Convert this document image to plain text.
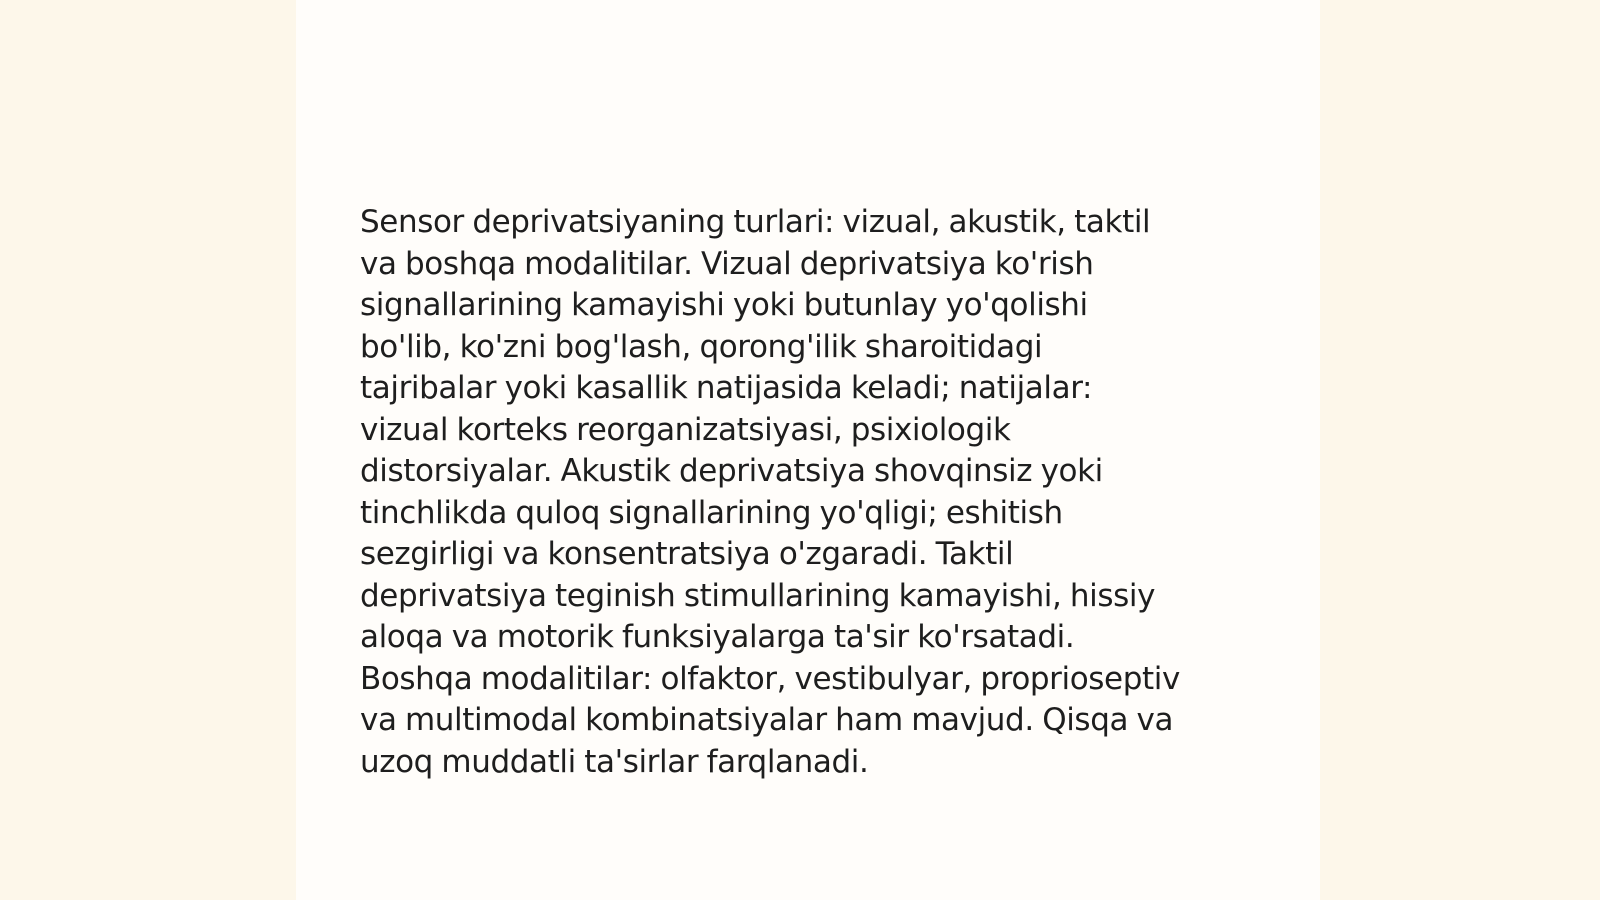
Sensor deprivatsiyaning turlari: vizual, akustik, taktil
va boshqa modalitilar. Vizual deprivatsiya ko'rish
signallarining kamayishi yoki butunlay yo'qolishi
bo'lib, ko'zni bog'lash, qorong'ilik sharoitidagi
tajribalar yoki kasallik natijasida keladi; natijalar:
vizual korteks reorganizatsiyasi, psixiologik
distorsiyalar. Akustik deprivatsiya shovqinsiz yoki
tinchlikda quloq signallarining yo'qligi; eshitish
sezgirligi va konsentratsiya o'zgaradi. Taktil
deprivatsiya teginish stimullarining kamayishi, hissiy
aloqa va motorik funksiyalarga ta'sir ko'rsatadi.
Boshqa modalitilar: olfaktor, vestibulyar, proprioseptiv
va multimodal kombinatsiyalar ham mavjud. Qisqa va
uzoq muddatli ta'sirlar farqlanadi.
